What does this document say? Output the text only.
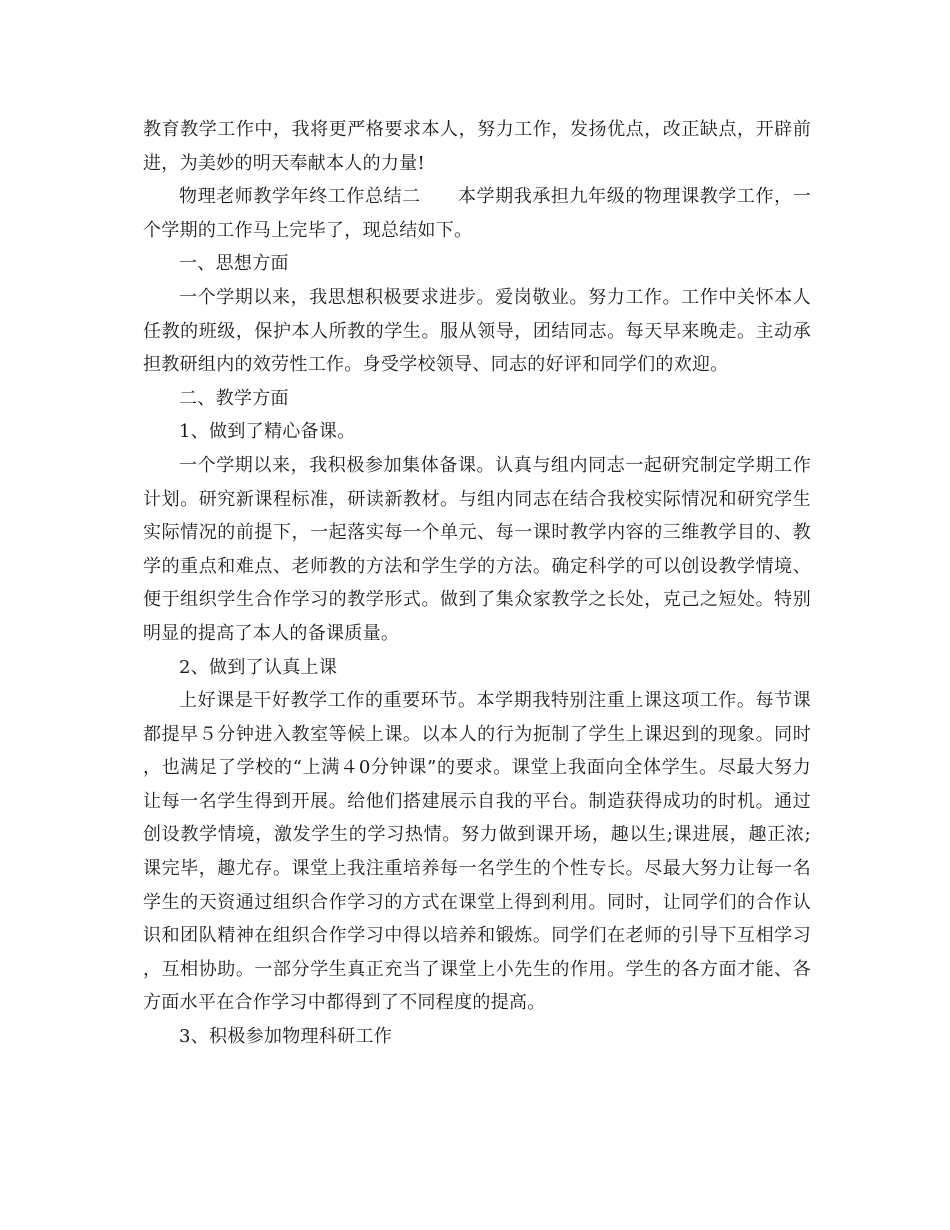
教育教学工作中，我将更严格要求本人，努力工作，发扬优点，改正缺点，开辟前进，为美妙的明天奉献本人的力量!

物理老师教学年终工作总结二　　本学期我承担九年级的物理课教学工作，一个学期的工作马上完毕了，现总结如下。

一、思想方面

一个学期以来，我思想积极要求进步。爱岗敬业。努力工作。工作中关怀本人任教的班级，保护本人所教的学生。服从领导，团结同志。每天早来晚走。主动承担教研组内的效劳性工作。身受学校领导、同志的好评和同学们的欢迎。

二、教学方面

1、做到了精心备课。

一个学期以来，我积极参加集体备课。认真与组内同志一起研究制定学期工作计划。研究新课程标准，研读新教材。与组内同志在结合我校实际情况和研究学生实际情况的前提下，一起落实每一个单元、每一课时教学内容的三维教学目的、教学的重点和难点、老师教的方法和学生学的方法。确定科学的可以创设教学情境、便于组织学生合作学习的教学形式。做到了集众家教学之长处，克己之短处。特别明显的提高了本人的备课质量。

2、做到了认真上课

上好课是干好教学工作的重要环节。本学期我特别注重上课这项工作。每节课都提早５分钟进入教室等候上课。以本人的行为扼制了学生上课迟到的现象。同时，也满足了学校的“上满４0分钟课”的要求。课堂上我面向全体学生。尽最大努力让每一名学生得到开展。给他们搭建展示自我的平台。制造获得成功的时机。通过创设教学情境，激发学生的学习热情。努力做到课开场，趣以生;课进展，趣正浓;课完毕，趣尤存。课堂上我注重培养每一名学生的个性专长。尽最大努力让每一名学生的天资通过组织合作学习的方式在课堂上得到利用。同时，让同学们的合作认识和团队精神在组织合作学习中得以培养和锻炼。同学们在老师的引导下互相学习，互相协助。一部分学生真正充当了课堂上小先生的作用。学生的各方面才能、各方面水平在合作学习中都得到了不同程度的提高。

3、积极参加物理科研工作
